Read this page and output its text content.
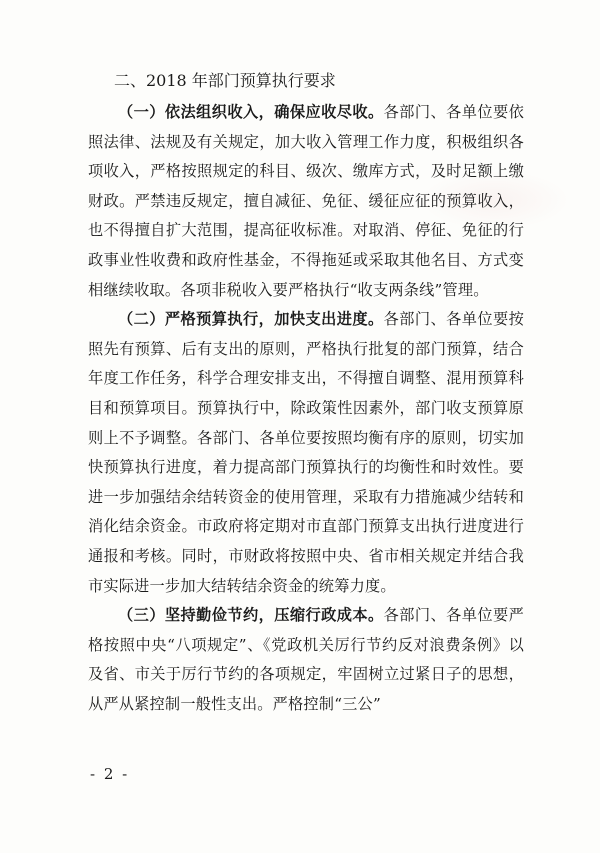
二、2018 年部门预算执行要求

（一）依法组织收入，确保应收尽收。各部门、各单位要依照法律、法规及有关规定，加大收入管理工作力度，积极组织各项收入，严格按照规定的科目、级次、缴库方式，及时足额上缴财政。严禁违反规定，擅自减征、免征、缓征应征的预算收入，也不得擅自扩大范围，提高征收标准。对取消、停征、免征的行政事业性收费和政府性基金，不得拖延或采取其他名目、方式变相继续收取。各项非税收入要严格执行“收支两条线”管理。

（二）严格预算执行，加快支出进度。各部门、各单位要按照先有预算、后有支出的原则，严格执行批复的部门预算，结合年度工作任务，科学合理安排支出，不得擅自调整、混用预算科目和预算项目。预算执行中，除政策性因素外，部门收支预算原则上不予调整。各部门、各单位要按照均衡有序的原则，切实加快预算执行进度，着力提高部门预算执行的均衡性和时效性。要进一步加强结余结转资金的使用管理，采取有力措施减少结转和消化结余资金。市政府将定期对市直部门预算支出执行进度进行通报和考核。同时，市财政将按照中央、省市相关规定并结合我市实际进一步加大结转结余资金的统筹力度。

（三）坚持勤俭节约，压缩行政成本。各部门、各单位要严格按照中央“八项规定”、《党政机关厉行节约反对浪费条例》以及省、市关于厉行节约的各项规定，牢固树立过紧日子的思想，从严从紧控制一般性支出。严格控制“三公”

- 2 -
